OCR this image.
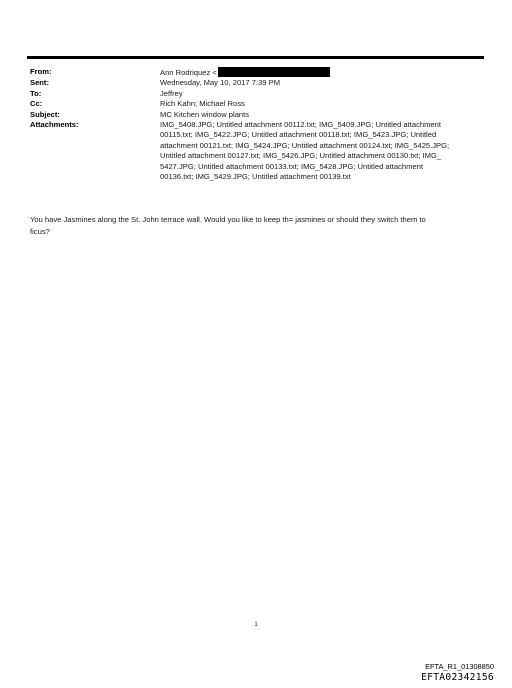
From:	Ann Rodriquez <
Sent:	Wednesday, May 10, 2017 7:39 PM
To:	Jeffrey
Cc:	Rich Kahn; Michael Ross
Subject:	MC Kitchen window plants
Attachments:	IMG_5408.JPG; Untitled attachment 00112.txt; IMG_5409.JPG; Untitled attachment
00115.txt; IMG_5422.JPG; Untitled attachment 00118.txt; IMG_5423.JPG; Untitled
attachment 00121.txt; IMG_5424.JPG; Untitled attachment 00124.txt; IMG_5425.JPG;
Untitled attachment 00127.txt; IMG_5426.JPG; Untitled attachment 00130.txt; IMG_
5427.JPG; Untitled attachment 00133.txt; IMG_5428.JPG; Untitled attachment
00136.txt; IMG_5429.JPG; Untitled attachment 00139.txt
You have Jasmines along the St. John terrace wall. Would you like to keep th= jasmines or should they switch them to
ficus?
1
EFTA_R1_01308850
EFTA02342156
